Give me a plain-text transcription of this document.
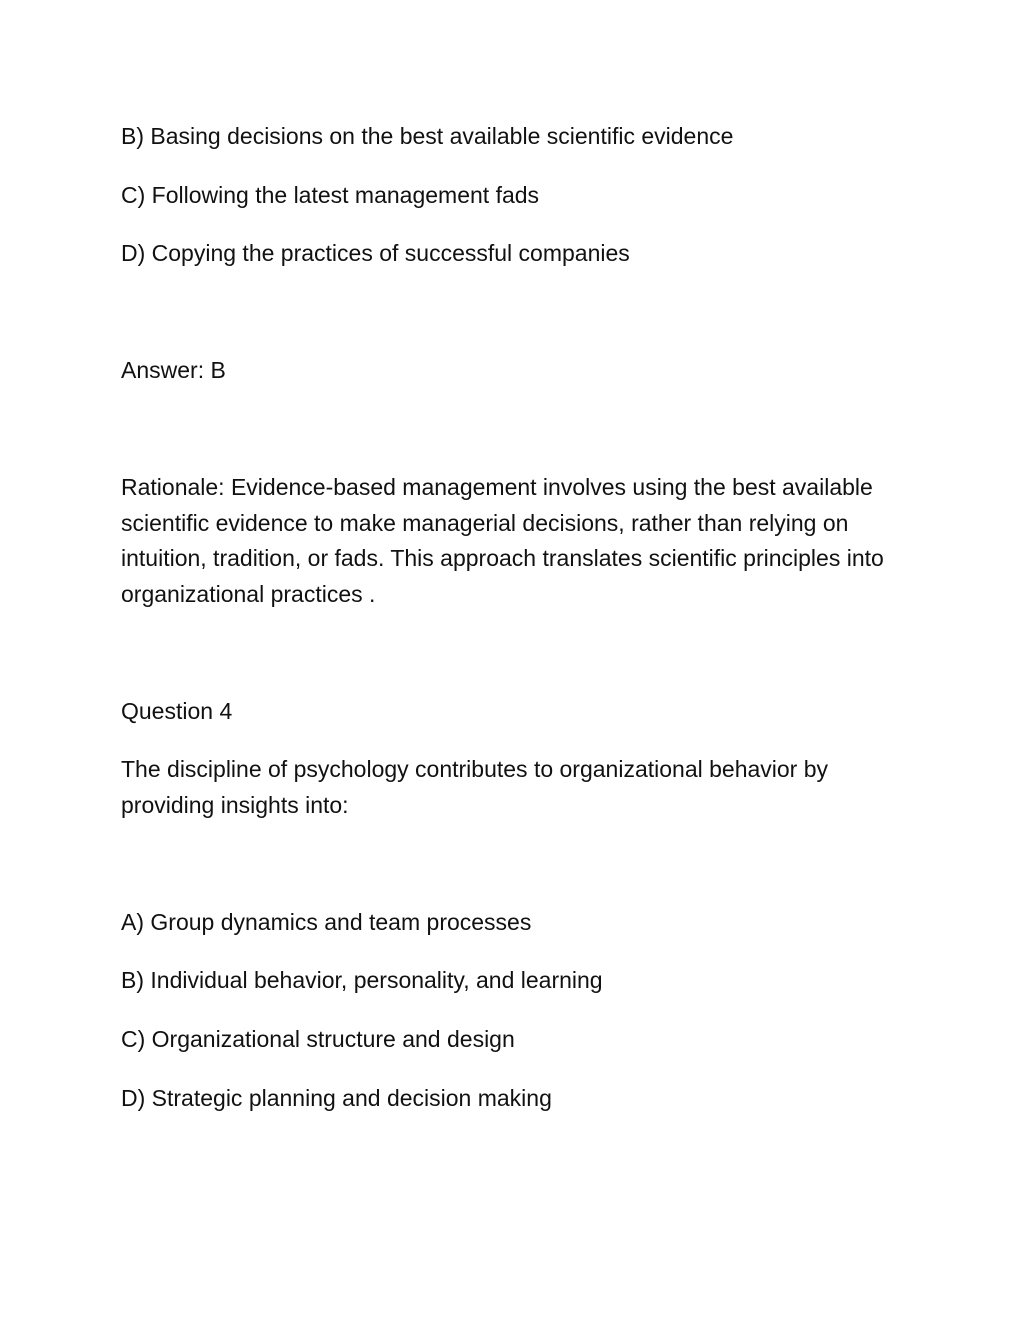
B) Basing decisions on the best available scientific evidence
C) Following the latest management fads
D) Copying the practices of successful companies
Answer: B
Rationale: Evidence-based management involves using the best available scientific evidence to make managerial decisions, rather than relying on intuition, tradition, or fads. This approach translates scientific principles into organizational practices .
Question 4
The discipline of psychology contributes to organizational behavior by providing insights into:
A) Group dynamics and team processes
B) Individual behavior, personality, and learning
C) Organizational structure and design
D) Strategic planning and decision making
